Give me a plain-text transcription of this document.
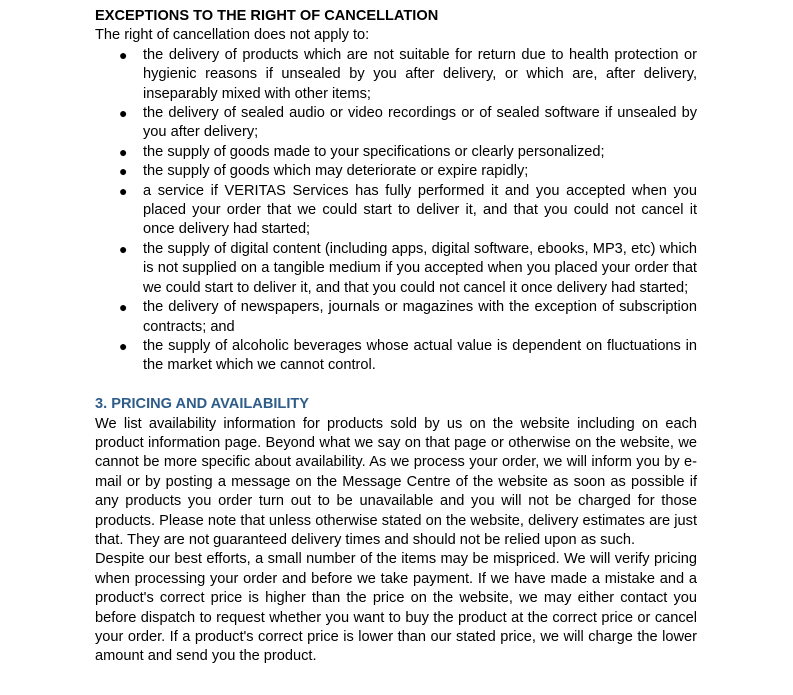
EXCEPTIONS TO THE RIGHT OF CANCELLATION

The right of cancellation does not apply to:

● the delivery of products which are not suitable for return due to health protection or hygienic reasons if unsealed by you after delivery, or which are, after delivery, inseparably mixed with other items;
● the delivery of sealed audio or video recordings or of sealed software if unsealed by you after delivery;
● the supply of goods made to your specifications or clearly personalized;
● the supply of goods which may deteriorate or expire rapidly;
● a service if VERITAS Services has fully performed it and you accepted when you placed your order that we could start to deliver it, and that you could not cancel it once delivery had started;
● the supply of digital content (including apps, digital software, ebooks, MP3, etc) which is not supplied on a tangible medium if you accepted when you placed your order that we could start to deliver it, and that you could not cancel it once delivery had started;
● the delivery of newspapers, journals or magazines with the exception of subscription contracts; and
● the supply of alcoholic beverages whose actual value is dependent on fluctuations in the market which we cannot control.

3. PRICING AND AVAILABILITY

We list availability information for products sold by us on the website including on each product information page. Beyond what we say on that page or otherwise on the website, we cannot be more specific about availability. As we process your order, we will inform you by e-mail or by posting a message on the Message Centre of the website as soon as possible if any products you order turn out to be unavailable and you will not be charged for those products. Please note that unless otherwise stated on the website, delivery estimates are just that. They are not guaranteed delivery times and should not be relied upon as such.

Despite our best efforts, a small number of the items may be mispriced. We will verify pricing when processing your order and before we take payment. If we have made a mistake and a product's correct price is higher than the price on the website, we may either contact you before dispatch to request whether you want to buy the product at the correct price or cancel your order. If a product's correct price is lower than our stated price, we will charge the lower amount and send you the product.
